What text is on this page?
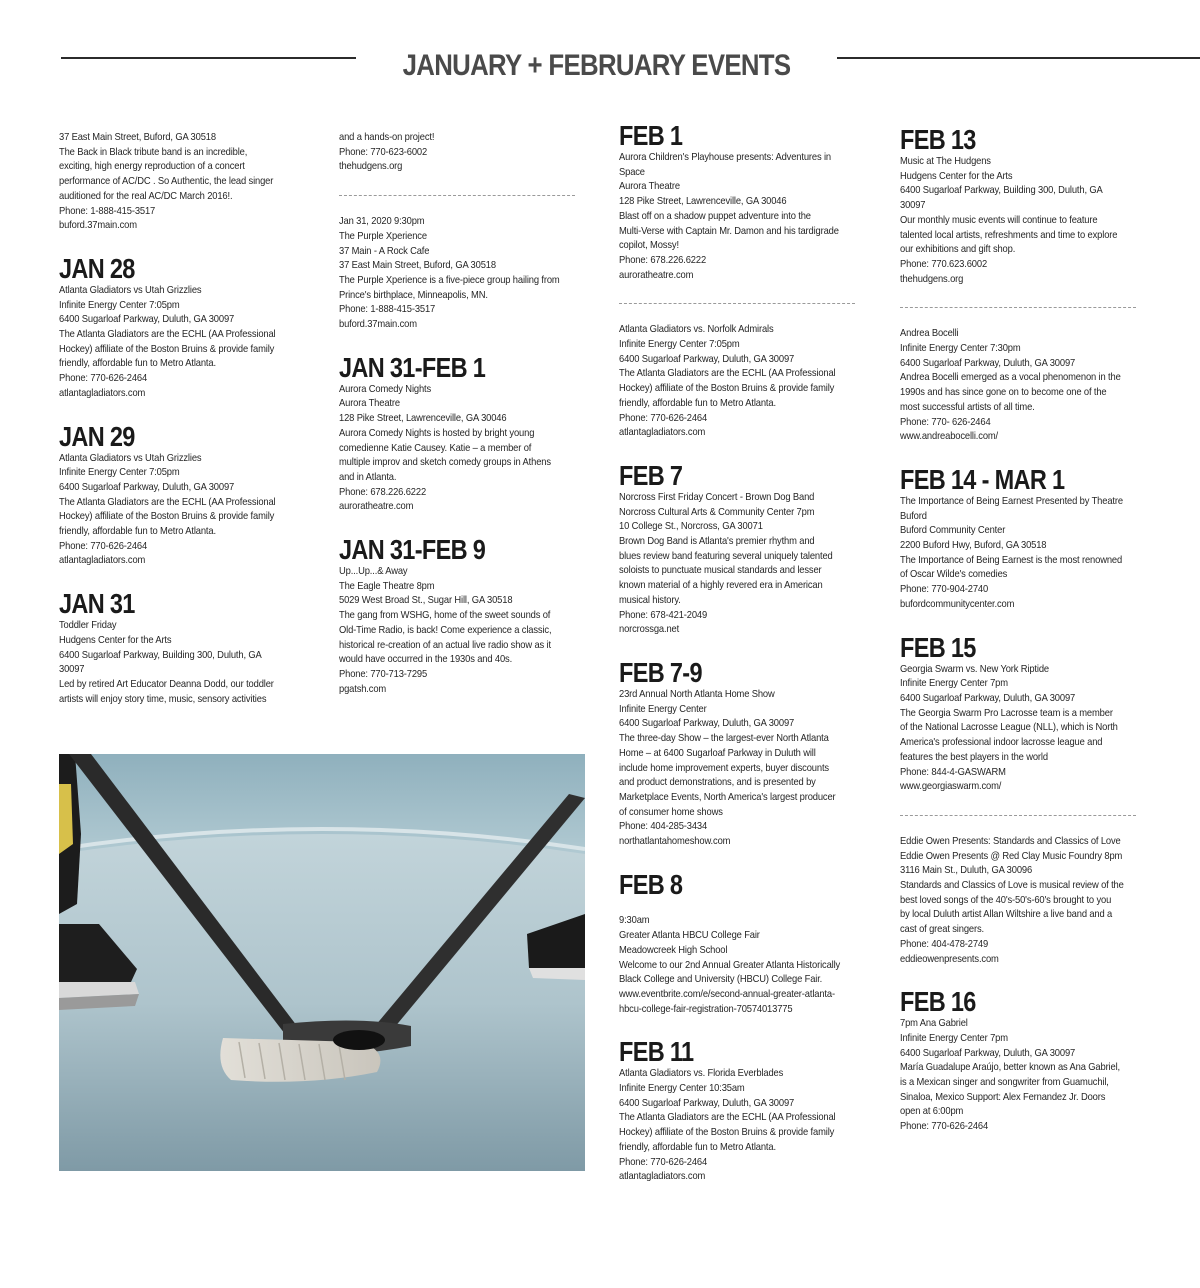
JANUARY + FEBRUARY EVENTS
37 East Main Street, Buford, GA 30518
The Back in Black tribute band is an incredible,
exciting, high energy reproduction of a concert
performance of AC/DC . So Authentic, the lead singer
auditioned for the real AC/DC March 2016!.
Phone: 1-888-415-3517
buford.37main.com
JAN 28
Atlanta Gladiators vs Utah Grizzlies
Infinite Energy Center 7:05pm
6400 Sugarloaf Parkway, Duluth, GA 30097
The Atlanta Gladiators are the ECHL (AA Professional
Hockey) affiliate of the Boston Bruins & provide family
friendly, affordable fun to Metro Atlanta.
Phone: 770-626-2464
atlantagladiators.com
JAN 29
Atlanta Gladiators vs Utah Grizzlies
Infinite Energy Center 7:05pm
6400 Sugarloaf Parkway, Duluth, GA 30097
The Atlanta Gladiators are the ECHL (AA Professional
Hockey) affiliate of the Boston Bruins & provide family
friendly, affordable fun to Metro Atlanta.
Phone: 770-626-2464
atlantagladiators.com
JAN 31
Toddler Friday
Hudgens Center for the Arts
6400 Sugarloaf Parkway, Building 300, Duluth, GA
30097
Led by retired Art Educator Deanna Dodd, our toddler
artists will enjoy story time, music, sensory activities
and a hands-on project!
Phone: 770-623-6002
thehudgens.org
Jan 31, 2020 9:30pm
The Purple Xperience
37 Main - A Rock Cafe
37 East Main Street, Buford, GA 30518
The Purple Xperience is a five-piece group hailing from
Prince's birthplace, Minneapolis, MN.
Phone: 1-888-415-3517
buford.37main.com
JAN 31-FEB 1
Aurora Comedy Nights
Aurora Theatre
128 Pike Street, Lawrenceville, GA 30046
Aurora Comedy Nights is hosted by bright young
comedienne Katie Causey. Katie – a member of
multiple improv and sketch comedy groups in Athens
and in Atlanta.
Phone: 678.226.6222
auroratheatre.com
JAN 31-FEB 9
Up...Up...& Away
The Eagle Theatre 8pm
5029 West Broad St., Sugar Hill, GA 30518
The gang from WSHG, home of the sweet sounds of
Old-Time Radio, is back! Come experience a classic,
historical re-creation of an actual live radio show as it
would have occurred in the 1930s and 40s.
Phone: 770-713-7295
pgatsh.com
FEB 1
Aurora Children's Playhouse presents: Adventures in
Space
Aurora Theatre
128 Pike Street, Lawrenceville, GA 30046
Blast off on a shadow puppet adventure into the
Multi-Verse with Captain Mr. Damon and his tardigrade
copilot, Mossy!
Phone: 678.226.6222
auroratheatre.com
Atlanta Gladiators vs. Norfolk Admirals
Infinite Energy Center 7:05pm
6400 Sugarloaf Parkway, Duluth, GA 30097
The Atlanta Gladiators are the ECHL (AA Professional
Hockey) affiliate of the Boston Bruins & provide family
friendly, affordable fun to Metro Atlanta.
Phone: 770-626-2464
atlantagladiators.com
FEB 7
Norcross First Friday Concert - Brown Dog Band
Norcross Cultural Arts & Community Center 7pm
10 College St., Norcross, GA 30071
Brown Dog Band is Atlanta's premier rhythm and
blues review band featuring several uniquely talented
soloists to punctuate musical standards and lesser
known material of a highly revered era in American
musical history.
Phone: 678-421-2049
norcrossga.net
FEB 7-9
23rd Annual North Atlanta Home Show
Infinite Energy Center
6400 Sugarloaf Parkway, Duluth, GA 30097
The three-day Show – the largest-ever North Atlanta
Home – at 6400 Sugarloaf Parkway in Duluth will
include home improvement experts, buyer discounts
and product demonstrations, and is presented by
Marketplace Events, North America's largest producer
of consumer home shows
Phone: 404-285-3434
northatlantahomeshow.com
FEB 8
9:30am
Greater Atlanta HBCU College Fair
Meadowcreek High School
Welcome to our 2nd Annual Greater Atlanta Historically
Black College and University (HBCU) College Fair.
www.eventbrite.com/e/second-annual-greater-atlanta-
hbcu-college-fair-registration-70574013775
FEB 11
Atlanta Gladiators vs. Florida Everblades
Infinite Energy Center 10:35am
6400 Sugarloaf Parkway, Duluth, GA 30097
The Atlanta Gladiators are the ECHL (AA Professional
Hockey) affiliate of the Boston Bruins & provide family
friendly, affordable fun to Metro Atlanta.
Phone: 770-626-2464
atlantagladiators.com
FEB 13
Music at The Hudgens
Hudgens Center for the Arts
6400 Sugarloaf Parkway, Building 300, Duluth, GA
30097
Our monthly music events will continue to feature
talented local artists, refreshments and time to explore
our exhibitions and gift shop.
Phone: 770.623.6002
thehudgens.org
Andrea Bocelli
Infinite Energy Center 7:30pm
6400 Sugarloaf Parkway, Duluth, GA 30097
Andrea Bocelli emerged as a vocal phenomenon in the
1990s and has since gone on to become one of the
most successful artists of all time.
Phone: 770- 626-2464
www.andreabocelli.com/
FEB 14 - MAR 1
The Importance of Being Earnest Presented by Theatre
Buford
Buford Community Center
2200 Buford Hwy, Buford, GA 30518
The Importance of Being Earnest is the most renowned
of Oscar Wilde's comedies
Phone: 770-904-2740
bufordcommunitycenter.com
FEB 15
Georgia Swarm vs. New York Riptide
Infinite Energy Center 7pm
6400 Sugarloaf Parkway, Duluth, GA 30097
The Georgia Swarm Pro Lacrosse team is a member
of the National Lacrosse League (NLL), which is North
America's professional indoor lacrosse league and
features the best players in the world
Phone: 844-4-GASWARM
www.georgiaswarm.com/
Eddie Owen Presents: Standards and Classics of Love
Eddie Owen Presents @ Red Clay Music Foundry 8pm
3116 Main St., Duluth, GA 30096
Standards and Classics of Love is musical review of the
best loved songs of the 40's-50's-60's brought to you
by local Duluth artist Allan Wiltshire a live band and a
cast of great singers.
Phone: 404-478-2749
eddieowenpresents.com
FEB 16
7pm Ana Gabriel
Infinite Energy Center 7pm
6400 Sugarloaf Parkway, Duluth, GA 30097
María Guadalupe Araújo, better known as Ana Gabriel,
is a Mexican singer and songwriter from Guamuchil,
Sinaloa, Mexico Support: Alex Fernandez Jr. Doors
open at 6:00pm
Phone: 770-626-2464
